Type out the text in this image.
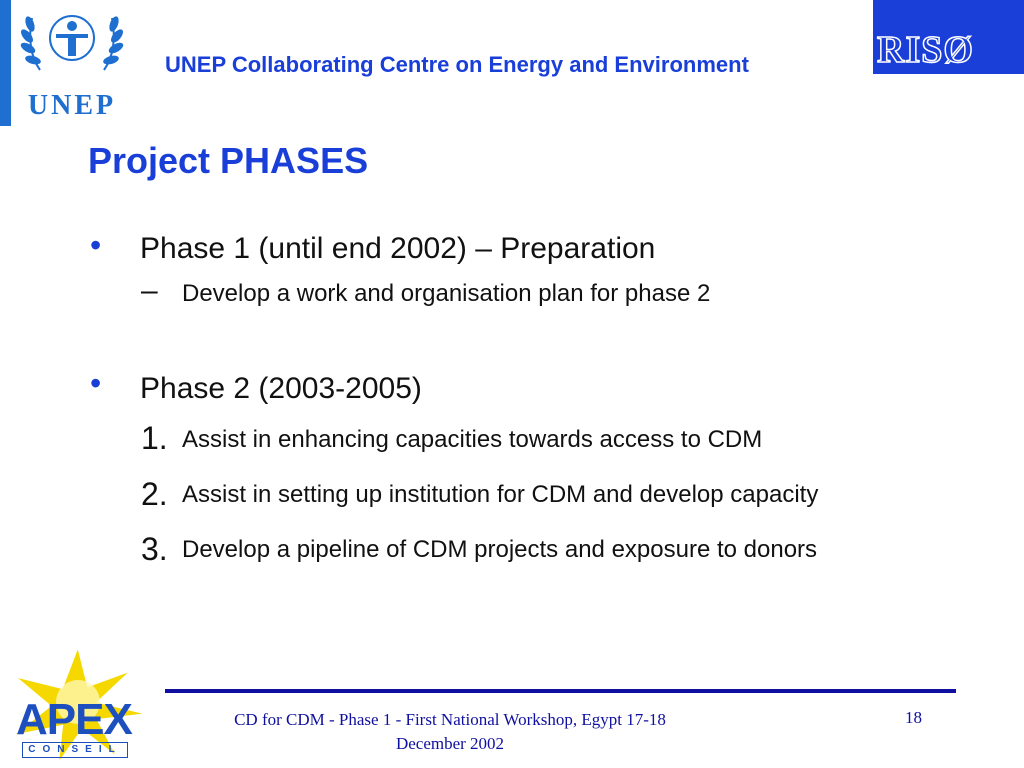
UNEP
UNEP Collaborating Centre on Energy and Environment	RISØ
Project PHASES
• Phase 1 (until end 2002) – Preparation
– Develop a work and organisation plan for phase 2
• Phase 2 (2003-2005)
1. Assist in enhancing capacities towards access to CDM
2. Assist in setting up institution for CDM and develop capacity
3. Develop a pipeline of CDM projects and exposure to donors
APEX
CONSEIL
CD for CDM - Phase 1 - First National Workshop, Egypt 17-18
December 2002
18
